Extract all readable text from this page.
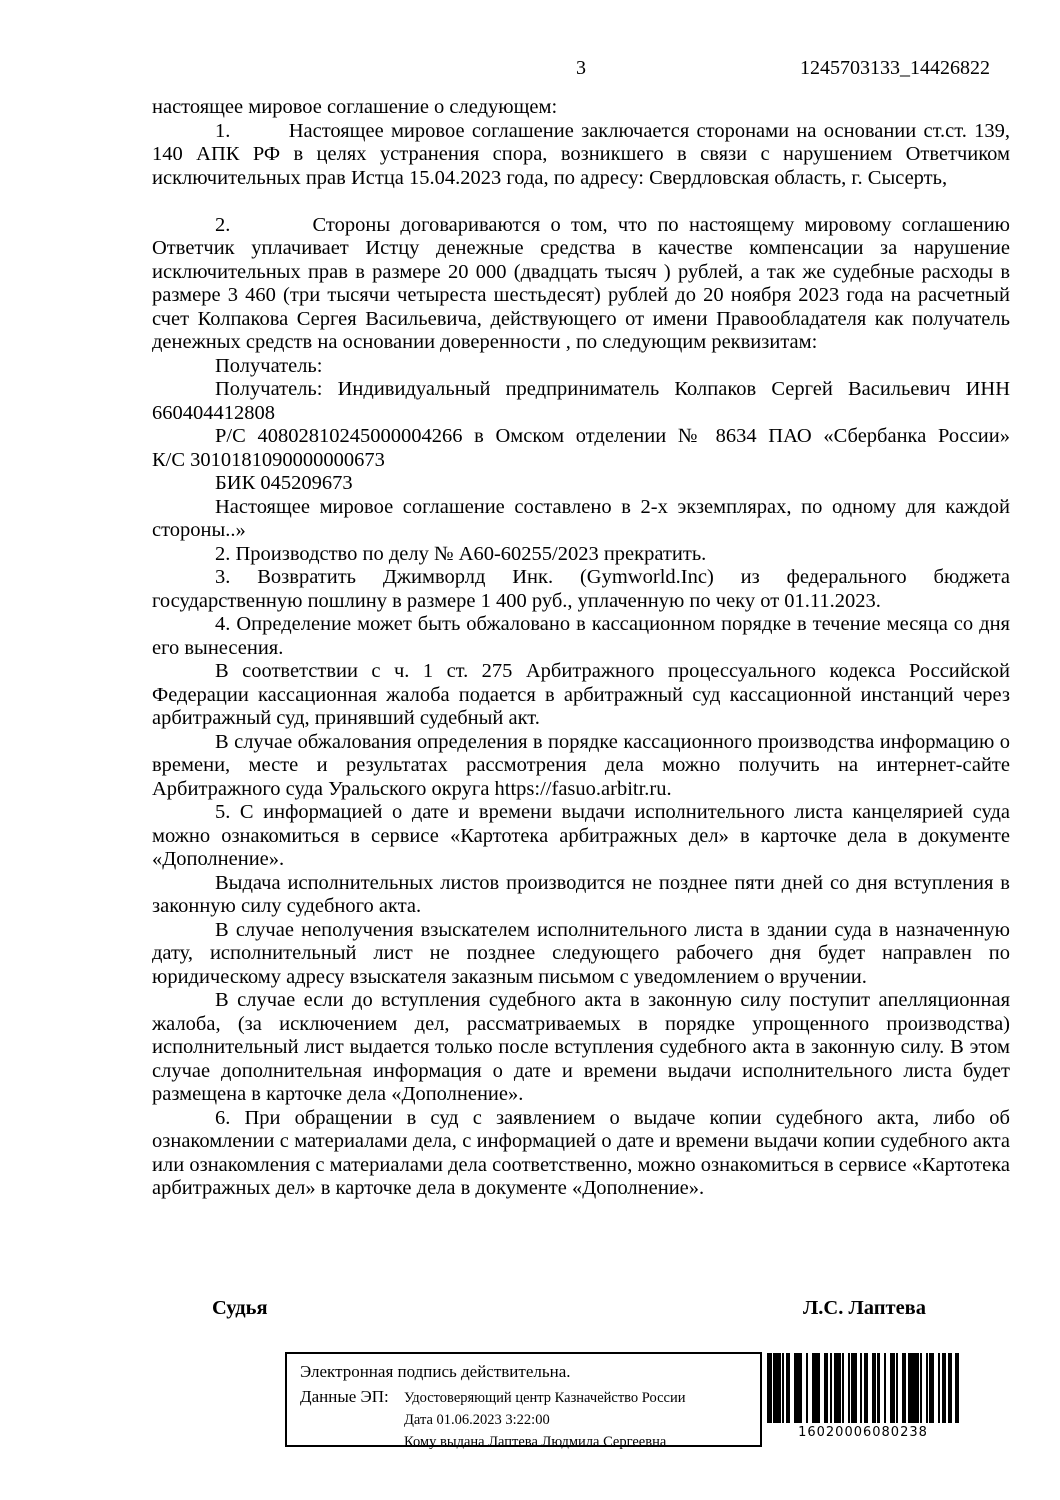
3	1245703133_14426822

настоящее мировое соглашение о следующем:

1.        Настоящее мировое соглашение заключается сторонами на основании ст.ст. 139, 140 АПК РФ в целях устранения спора, возникшего в связи с нарушением Ответчиком исключительных прав Истца 15.04.2023 года, по адресу: Свердловская область, г. Сысерть,

2.        Стороны договариваются о том, что по настоящему мировому соглашению Ответчик уплачивает Истцу денежные средства в качестве компенсации за нарушение исключительных прав в размере 20 000 (двадцать тысяч ) рублей, а так же судебные расходы в размере 3 460 (три тысячи четыреста шестьдесят) рублей до 20 ноября 2023 года на расчетный счет Колпакова Сергея Васильевича, действующего от имени Правообладателя как получатель денежных средств на основании доверенности , по следующим реквизитам:

Получатель:

Получатель: Индивидуальный предприниматель Колпаков Сергей Васильевич ИНН

660404412808

Р/С 40802810245000004266 в Омском отделении № 8634 ПАО «Сбербанка России»

К/С 3010181090000000673

БИК 045209673

Настоящее мировое соглашение составлено в 2-х экземплярах, по одному для каждой

стороны..»

2. Производство по делу № А60-60255/2023 прекратить.

3. Возвратить Джимворлд Инк. (Gymworld.Inc) из федерального бюджета государственную пошлину в размере 1 400 руб., уплаченную по чеку от 01.11.2023.

4. Определение может быть обжаловано в кассационном порядке в течение месяца со дня его вынесения.

В соответствии с ч. 1 ст. 275 Арбитражного процессуального кодекса Российской Федерации кассационная жалоба подается в арбитражный суд кассационной инстанций через арбитражный суд, принявший судебный акт.

В случае обжалования определения в порядке кассационного производства информацию о времени, месте и результатах рассмотрения дела можно получить на интернет-сайте Арбитражного суда Уральского округа https://fasuo.arbitr.ru.

5. С информацией о дате и времени выдачи исполнительного листа канцелярией суда можно ознакомиться в сервисе «Картотека арбитражных дел» в карточке дела в документе «Дополнение».

Выдача исполнительных листов производится не позднее пяти дней со дня вступления в законную силу судебного акта.

В случае неполучения взыскателем исполнительного листа в здании суда в назначенную дату, исполнительный лист не позднее следующего рабочего дня будет направлен по юридическому адресу взыскателя заказным письмом с уведомлением о вручении.

В случае если до вступления судебного акта в законную силу поступит апелляционная жалоба, (за исключением дел, рассматриваемых в порядке упрощенного производства) исполнительный лист выдается только после вступления судебного акта в законную силу. В этом случае дополнительная информация о дате и времени выдачи исполнительного листа будет размещена в карточке дела «Дополнение».

6. При обращении в суд с заявлением о выдаче копии судебного акта, либо об ознакомлении с материалами дела, с информацией о дате и времени выдачи копии судебного акта или ознакомления с материалами дела соответственно, можно ознакомиться в сервисе «Картотека арбитражных дел» в карточке дела в документе «Дополнение».

Судья	Л.С. Лаптева
Электронная подпись действительна.
Данные ЭП:	Удостоверяющий центр Казначейство России
Дата 01.06.2023 3:22:00
Кому выдана Лаптева Людмила Сергеевна
16020006080238
